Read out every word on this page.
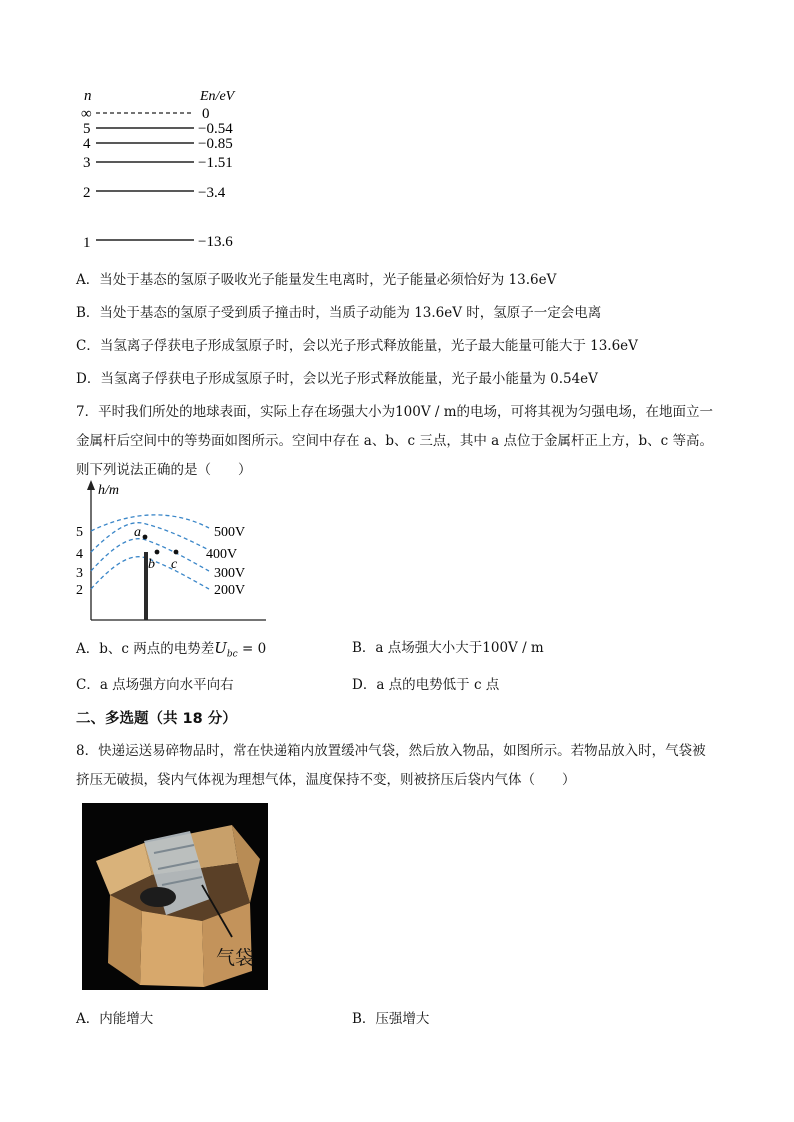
n	En/eV
∞	0
5	−0.54
4	−0.85
3	−1.51
2	−3.4
1	−13.6
A．当处于基态的氢原子吸收光子能量发生电离时，光子能量必须恰好为 13.6eV
B．当处于基态的氢原子受到质子撞击时，当质子动能为 13.6eV 时，氢原子一定会电离
C．当氢离子俘获电子形成氢原子时，会以光子形式释放能量，光子最大能量可能大于 13.6eV
D．当氢离子俘获电子形成氢原子时，会以光子形式释放能量，光子最小能量为 0.54eV
7．平时我们所处的地球表面，实际上存在场强大小为100V / m的电场，可将其视为匀强电场，在地面立一
金属杆后空间中的等势面如图所示。空间中存在 a、b、c 三点，其中 a 点位于金属杆正上方，b、c 等高。
则下列说法正确的是（　　）
h/m
5
4
3
2
500V
400V
300V
200V
a
b c
A．b、c 两点的电势差$U_{bc} = 0$	B．a 点场强大小大于100V / m
C．a 点场强方向水平向右	D．a 点的电势低于 c 点
二、多选题（共 18 分）
8．快递运送易碎物品时，常在快递箱内放置缓冲气袋，然后放入物品，如图所示。若物品放入时，气袋被
挤压无破损，袋内气体视为理想气体，温度保持不变，则被挤压后袋内气体（　　）
气袋
A．内能增大	B．压强增大
